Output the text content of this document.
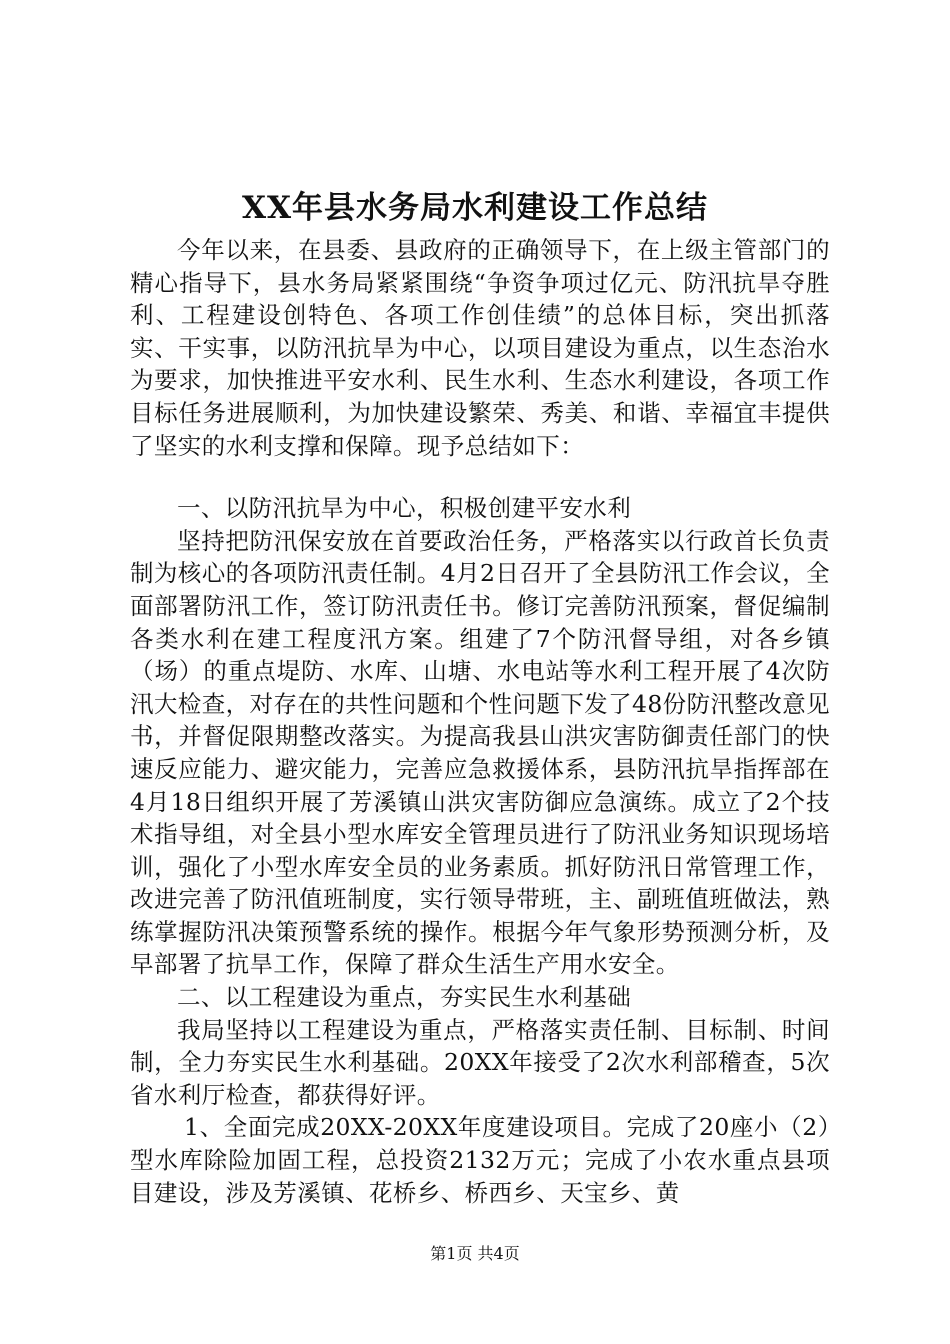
XX年县水务局水利建设工作总结

今年以来，在县委、县政府的正确领导下，在上级主管部门的精心指导下，县水务局紧紧围绕“争资争项过亿元、防汛抗旱夺胜利、工程建设创特色、各项工作创佳绩”的总体目标，突出抓落实、干实事，以防汛抗旱为中心，以项目建设为重点，以生态治水为要求，加快推进平安水利、民生水利、生态水利建设，各项工作目标任务进展顺利，为加快建设繁荣、秀美、和谐、幸福宜丰提供了坚实的水利支撑和保障。现予总结如下：

一、以防汛抗旱为中心，积极创建平安水利

坚持把防汛保安放在首要政治任务，严格落实以行政首长负责制为核心的各项防汛责任制。4月2日召开了全县防汛工作会议，全面部署防汛工作，签订防汛责任书。修订完善防汛预案，督促编制各类水利在建工程度汛方案。组建了7个防汛督导组，对各乡镇（场）的重点堤防、水库、山塘、水电站等水利工程开展了4次防汛大检查，对存在的共性问题和个性问题下发了48份防汛整改意见书，并督促限期整改落实。为提高我县山洪灾害防御责任部门的快速反应能力、避灾能力，完善应急救援体系，县防汛抗旱指挥部在4月18日组织开展了芳溪镇山洪灾害防御应急演练。成立了2个技术指导组，对全县小型水库安全管理员进行了防汛业务知识现场培训，强化了小型水库安全员的业务素质。抓好防汛日常管理工作，改进完善了防汛值班制度，实行领导带班，主、副班值班做法，熟练掌握防汛决策预警系统的操作。根据今年气象形势预测分析，及早部署了抗旱工作，保障了群众生活生产用水安全。

二、以工程建设为重点，夯实民生水利基础

我局坚持以工程建设为重点，严格落实责任制、目标制、时间制，全力夯实民生水利基础。20XX年接受了2次水利部稽查，5次省水利厅检查，都获得好评。

1、全面完成20XX-20XX年度建设项目。完成了20座小（2）型水库除险加固工程，总投资2132万元；完成了小农水重点县项目建设，涉及芳溪镇、花桥乡、桥西乡、天宝乡、黄

第1页 共4页
